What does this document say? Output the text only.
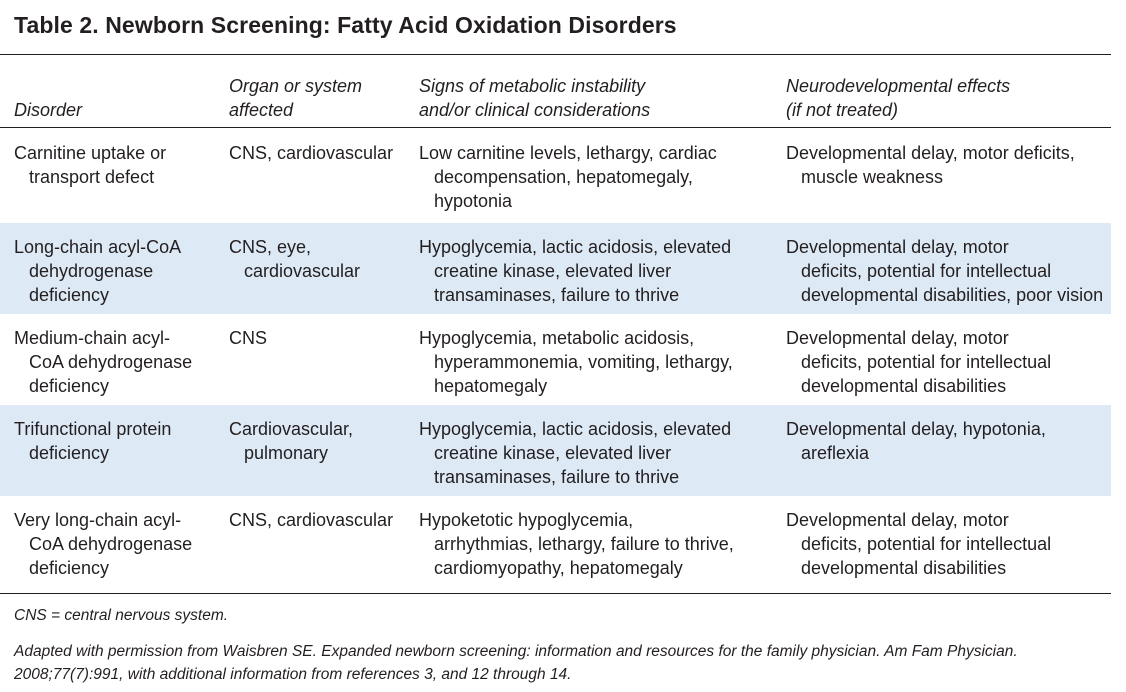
Table 2. Newborn Screening: Fatty Acid Oxidation Disorders
Disorder
Organ or system
affected
Signs of metabolic instability
and/or clinical considerations
Neurodevelopmental effects
(if not treated)
Carnitine uptake or
transport defect
CNS, cardiovascular Low carnitine levels, lethargy, cardiac
decompensation, hepatomegaly,
hypotonia
Developmental delay, motor deficits,
muscle weakness
Long-chain acyl-CoA
dehydrogenase
deficiency
CNS, eye,
cardiovascular
Hypoglycemia, lactic acidosis, elevated
creatine kinase, elevated liver
transaminases, failure to thrive
Developmental delay, motor
deficits, potential for intellectual
developmental disabilities, poor vision
Medium-chain acyl-
CoA dehydrogenase
deficiency
CNS	Hypoglycemia, metabolic acidosis,
hyperammonemia, vomiting, lethargy,
hepatomegaly
Developmental delay, motor
deficits, potential for intellectual
developmental disabilities
Trifunctional protein
deficiency
Cardiovascular,
pulmonary
Hypoglycemia, lactic acidosis, elevated
creatine kinase, elevated liver
transaminases, failure to thrive
Developmental delay, hypotonia,
areflexia
Very long-chain acyl-
CoA dehydrogenase
deficiency
CNS, cardiovascular Hypoketotic hypoglycemia,
arrhythmias, lethargy, failure to thrive,
cardiomyopathy, hepatomegaly
Developmental delay, motor
deficits, potential for intellectual
developmental disabilities
CNS = central nervous system.
Adapted with permission from Waisbren SE. Expanded newborn screening: information and resources for the family physician. Am Fam Physician.
2008;77(7):991, with additional information from references 3, and 12 through 14.
